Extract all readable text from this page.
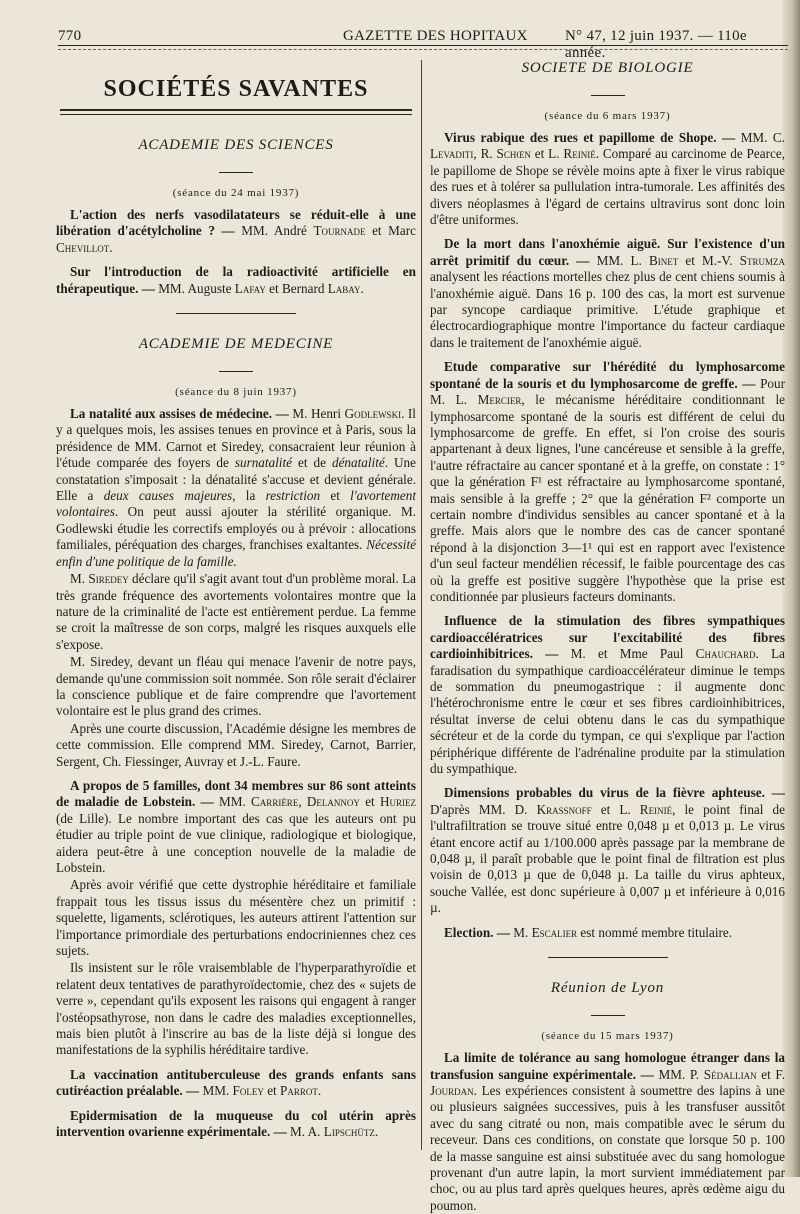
770	GAZETTE DES HOPITAUX N° 47, 12 juin 1937. — 110e année.
SOCIÉTÉS SAVANTES
ACADEMIE DES SCIENCES
(séance du 24 mai 1937)

L'action des nerfs vasodilatateurs se réduit-elle à une libération d'acétylcholine ? — MM. André Tournade et Marc Chevillot.

Sur l'introduction de la radioactivité artificielle en thérapeutique. — MM. Auguste Lafay et Bernard Labay.

ACADEMIE DE MEDECINE
(séance du 8 juin 1937)

La natalité aux assises de médecine. — M. Henri Godlewski. Il y a quelques mois, les assises tenues en province et à Paris, sous la présidence de MM. Carnot et Siredey, consacraient leur réunion à l'étude comparée des foyers de surnatalité et de dénatalité. Une constatation s'imposait : la dénatalité s'accuse et devient générale. Elle a deux causes majeures, la restriction et l'avortement volontaires. On peut aussi ajouter la stérilité organique. M. Godlewski étudie les correctifs employés ou à prévoir : allocations familiales, péréquation des charges, franchises exaltantes. Nécessité enfin d'une politique de la famille.

M. Siredey déclare qu'il s'agit avant tout d'un problème moral. La très grande fréquence des avortements volontaires montre que la nature de la criminalité de l'acte est entièrement perdue. La femme se croit la maîtresse de son corps, malgré les risques auxquels elle s'expose.

M. Siredey, devant un fléau qui menace l'avenir de notre pays, demande qu'une commission soit nommée. Son rôle serait d'éclairer la conscience publique et de faire comprendre que l'avortement volontaire est le plus grand des crimes.

Après une courte discussion, l'Académie désigne les membres de cette commission. Elle comprend MM. Siredey, Carnot, Barrier, Sergent, Ch. Fiessinger, Auvray et J.-L. Faure.

A propos de 5 familles, dont 34 membres sur 86 sont atteints de maladie de Lobstein. — MM. Carrière, Delannoy et Huriez (de Lille). Le nombre important des cas que les auteurs ont pu étudier au triple point de vue clinique, radiologique et biologique, aidera peut-être à une conception nouvelle de la maladie de Lobstein.

Après avoir vérifié que cette dystrophie héréditaire et familiale frappait tous les tissus issus du mésentère chez un primitif : squelette, ligaments, sclérotiques, les auteurs attirent l'attention sur l'importance primordiale des perturbations endocriniennes chez ces sujets.

Ils insistent sur le rôle vraisemblable de l'hyperparathyroïdie et relatent deux tentatives de parathyroïdectomie, chez des « sujets de verre », cependant qu'ils exposent les raisons qui engagent à ranger l'ostéopsathyrose, non dans le cadre des maladies exceptionnelles, mais bien plutôt à l'inscrire au bas de la liste déjà si longue des manifestations de la syphilis héréditaire tardive.

La vaccination antituberculeuse des grands enfants sans cutiréaction préalable. — MM. Foley et Parrot.

Epidermisation de la muqueuse du col utérin après intervention ovarienne expérimentale. — M. A. Lipschütz.

SOCIETE DE BIOLOGIE
(séance du 6 mars 1937)

Virus rabique des rues et papillome de Shope. — MM. C. Levaditi, R. Schœn et L. Reinié. Comparé au carcinome de Pearce, le papillome de Shope se révèle moins apte à fixer le virus rabique des rues et à tolérer sa pullulation intra-tumorale. Les affinités des divers néoplasmes à l'égard de certains ultravirus sont donc loin d'être uniformes.

De la mort dans l'anoxhémie aiguë. Sur l'existence d'un arrêt primitif du cœur. — MM. L. Binet et M.-V. Strumza analysent les réactions mortelles chez plus de cent chiens soumis à l'anoxhémie aiguë. Dans 16 p. 100 des cas, la mort est survenue par syncope cardiaque primitive. L'étude graphique et électrocardiographique montre l'importance du facteur cardiaque dans le traitement de l'anoxhémie aiguë.

Etude comparative sur l'hérédité du lymphosarcome spontané de la souris et du lymphosarcome de greffe. — Pour M. L. Mercier, le mécanisme héréditaire conditionnant le lymphosarcome spontané de la souris est différent de celui du lymphosarcome de greffe. En effet, si l'on croise des souris appartenant à deux lignes, l'une cancéreuse et sensible à la greffe, l'autre réfractaire au cancer spontané et à la greffe, on constate : 1° que la génération F¹ est réfractaire au lymphosarcome spontané, mais sensible à la greffe ; 2° que la génération F² comporte un certain nombre d'individus sensibles au cancer spontané et à la greffe. Mais alors que le nombre des cas de cancer spontané répond à la disjonction 3—1¹ qui est en rapport avec l'existence d'un seul facteur mendélien récessif, le faible pourcentage des cas où la greffe est positive suggère l'hypothèse que la prise est conditionnée par plusieurs facteurs dominants.

Influence de la stimulation des fibres sympathiques cardioaccélératrices sur l'excitabilité des fibres cardioinhibitrices. — M. et Mme Paul Chauchard. La faradisation du sympathique cardioaccélérateur diminue le temps de sommation du pneumogastrique : il augmente donc l'hétérochronisme entre le cœur et ses fibres cardioinhibitrices, résultat inverse de celui obtenu dans le cas du sympathique sécréteur et de la corde du tympan, ce qui s'explique par l'action périphérique différente de l'adrénaline produite par la stimulation du sympathique.

Dimensions probables du virus de la fièvre aphteuse. — D'après MM. D. Krassnoff et L. Reinié, le point final de l'ultrafiltration se trouve situé entre 0,048 µ et 0,013 µ. Le virus étant encore actif au 1/100.000 après passage par la membrane de 0,048 µ, il paraît probable que le point final de filtration est plus voisin de 0,013 µ que de 0,048 µ. La taille du virus aphteux, souche Vallée, est donc supérieure à 0,007 µ et inférieure à 0,016 µ.

Election. — M. Escalier est nommé membre titulaire.

Réunion de Lyon
(séance du 15 mars 1937)

La limite de tolérance au sang homologue étranger dans la transfusion sanguine expérimentale. — MM. P. Sédallian et F. Jourdan. Les expériences consistent à soumettre des lapins à une ou plusieurs saignées successives, puis à les transfuser aussitôt avec du sang citraté ou non, mais compatible avec le sérum du receveur. Dans ces conditions, on constate que lorsque 50 p. 100 de la masse sanguine est ainsi substituée avec du sang homologue provenant d'un autre lapin, la mort survient immédiatement par choc, ou au plus tard après quelques heures, après œdème aigu du poumon.
